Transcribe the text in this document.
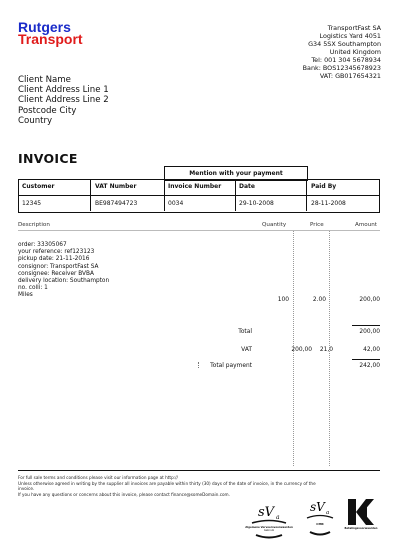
Rutgers
Transport
TransportFast SA
Logistics Yard 4051
G34 5SX Southampton
United Kingdom
Tel: 001 304 5678934
Bank: BOS12345678923
VAT: GB017654321
Client Name
Client Address Line 1
Client Address Line 2
Postcode City
Country
INVOICE
Mention with your payment
Customer	VAT Number	Invoice Number	Date	Paid By
12345	BE987494723	0034	29-10-2008	28-11-2008
Description	Quantity	Price	Amount
order: 33305067
your reference: ref123123
pickup date: 21-11-2016
consignor: TransportFast SA
consignee: Receiver BVBA
delivery location: Southampton
no. colli: 1
Miles
100	2.00	200,00
Total	200,00
VAT	200,00	21,0	42,00
Total payment	242,00
For full sale terms and conditions please visit our information page at http://
Unless otherwise agreed in writing by the supplier all invoices are payable within thirty (30) days of the date of invoice, in the currency of the
invoice.
If you have any questions or concerns about this invoice, please contact finance@someDomain.com.
sV a
Algemene Vervoersvoorwaarden
Gebruik
sV a
CMR
Betalingsvoorwaarden
